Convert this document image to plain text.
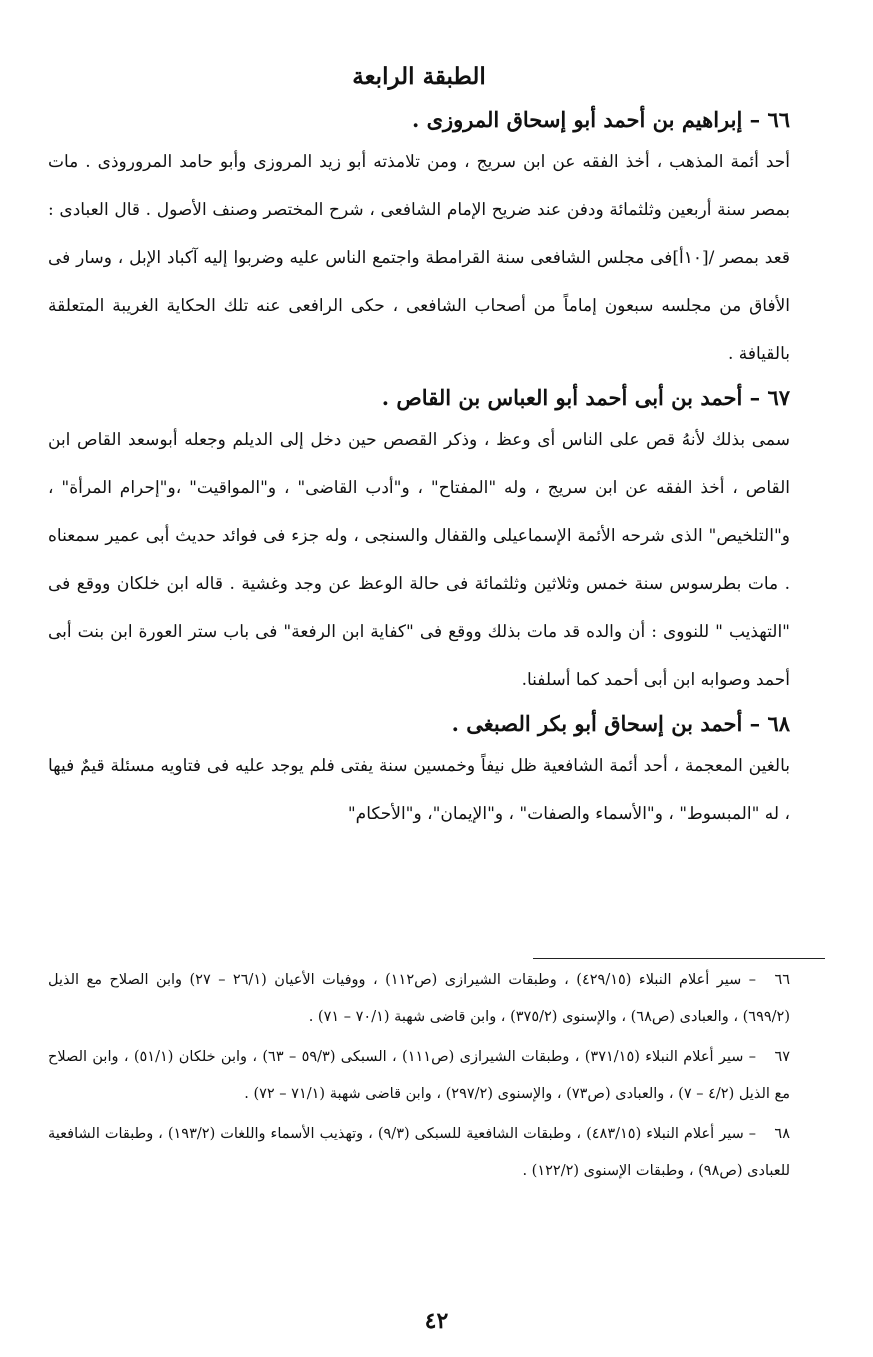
الطبقة الرابعة
٦٦ – إبراهيم بن أحمد أبو إسحاق المروزى .

أحد أئمة المذهب ، أخذ الفقه عن ابن سريج ، ومن تلامذته أبو زيد المروزى وأبو حامد المروروذى . مات بمصر سنة أربعين وثلثمائة ودفن عند ضريح الإمام الشافعى ، شرح المختصر وصنف الأصول . قال العبادى : قعد بمصر /[١٠أ]فى مجلس الشافعى سنة القرامطة واجتمع الناس عليه وضربوا إليه آكباد الإبل ، وسار فى الأفاق من مجلسه سبعون إماماً من أصحاب الشافعى ، حكى الرافعى عنه تلك الحكاية الغريبة المتعلقة بالقيافة .

٦٧ – أحمد بن أبى أحمد أبو العباس بن القاص .

سمى بذلك لأنهُ قص على الناس أى وعظ ، وذكر القصص حين دخل إلى الديلم وجعله أبوسعد القاص ابن القاص ، أخذ الفقه عن ابن سريج ، وله "المفتاح" ، و"أدب القاضى" ، و"المواقيت" ،و"إحرام المرأة" ، و"التلخيص" الذى شرحه الأئمة الإسماعيلى والقفال والسنجى ، وله جزء فى فوائد حديث أبى عمير سمعناه . مات بطرسوس سنة خمس وثلاثين وثلثمائة فى حالة الوعظ عن وجد وغشية . قاله ابن خلكان ووقع فى "التهذيب " للنووى : أن والده قد مات بذلك ووقع فى "كفاية ابن الرفعة" فى باب ستر العورة ابن بنت أبى أحمد وصوابه ابن أبى أحمد كما أسلفنا.

٦٨ – أحمد بن إسحاق أبو بكر الصبغى .

بالغين المعجمة ، أحد أئمة الشافعية ظل نيفاً وخمسين سنة يفتى فلم يوجد عليه فى فتاويه مسئلة قيمٌ فيها ، له "المبسوط" ، و"الأسماء والصفات" ، و"الإيمان"، و"الأحكام"

٦٦– سير أعلام النبلاء (٤٢٩/١٥) ، وطبقات الشيرازى (ص١١٢) ، ووفيات الأعيان (٢٦/١ – ٢٧) وابن الصلاح مع الذيل (٦٩٩/٢) ، والعبادى (ص٦٨) ، والإسنوى (٣٧٥/٢) ، وابن قاضى شهبة (٧٠/١ – ٧١) .

٦٧– سير أعلام النبلاء (٣٧١/١٥) ، وطبقات الشيرازى (ص١١١) ، السبكى (٥٩/٣ – ٦٣) ، وابن خلكان (٥١/١) ، وابن الصلاح مع الذيل (٤/٢ – ٧) ، والعبادى (ص٧٣) ، والإسنوى (٢٩٧/٢) ، وابن قاضى شهبة (٧١/١ – ٧٢) .

٦٨– سير أعلام النبلاء (٤٨٣/١٥) ، وطبقات الشافعية للسبكى (٩/٣) ، وتهذيب الأسماء واللغات (١٩٣/٢) ، وطبقات الشافعية للعبادى (ص٩٨) ، وطبقات الإسنوى (١٢٢/٢) .

٤٢
